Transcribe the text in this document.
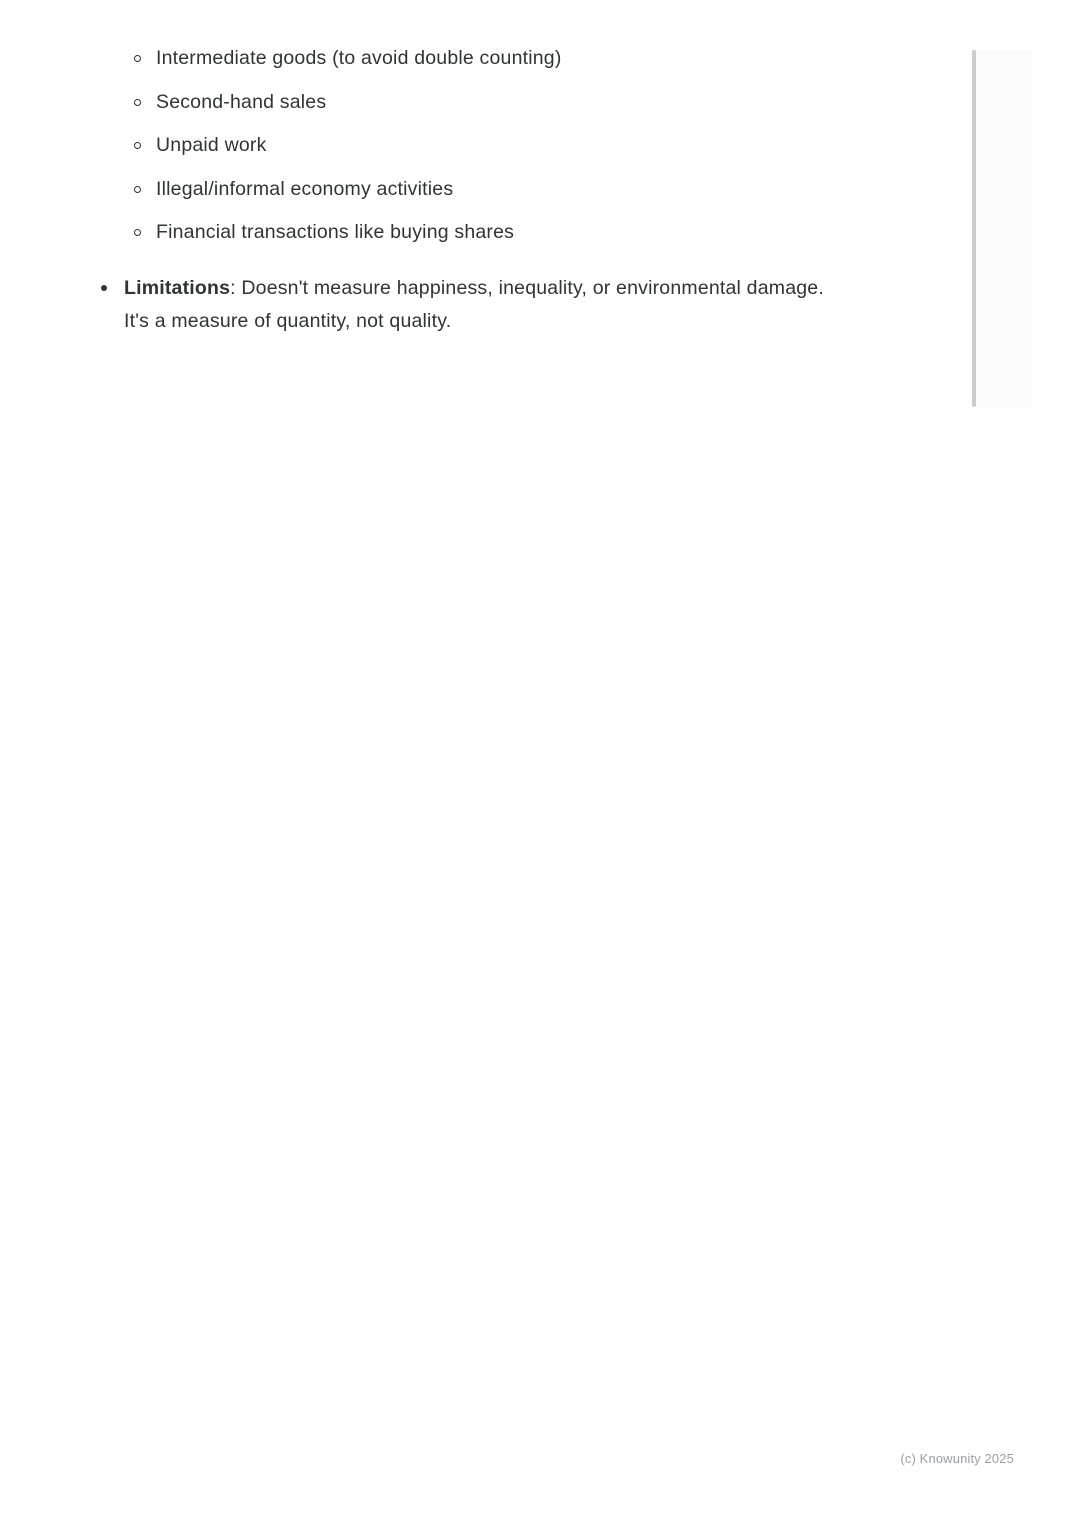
Intermediate goods (to avoid double counting)
Second-hand sales
Unpaid work
Illegal/informal economy activities
Financial transactions like buying shares
Limitations: Doesn't measure happiness, inequality, or environmental damage. It's a measure of quantity, not quality.
(c) Knowunity 2025
